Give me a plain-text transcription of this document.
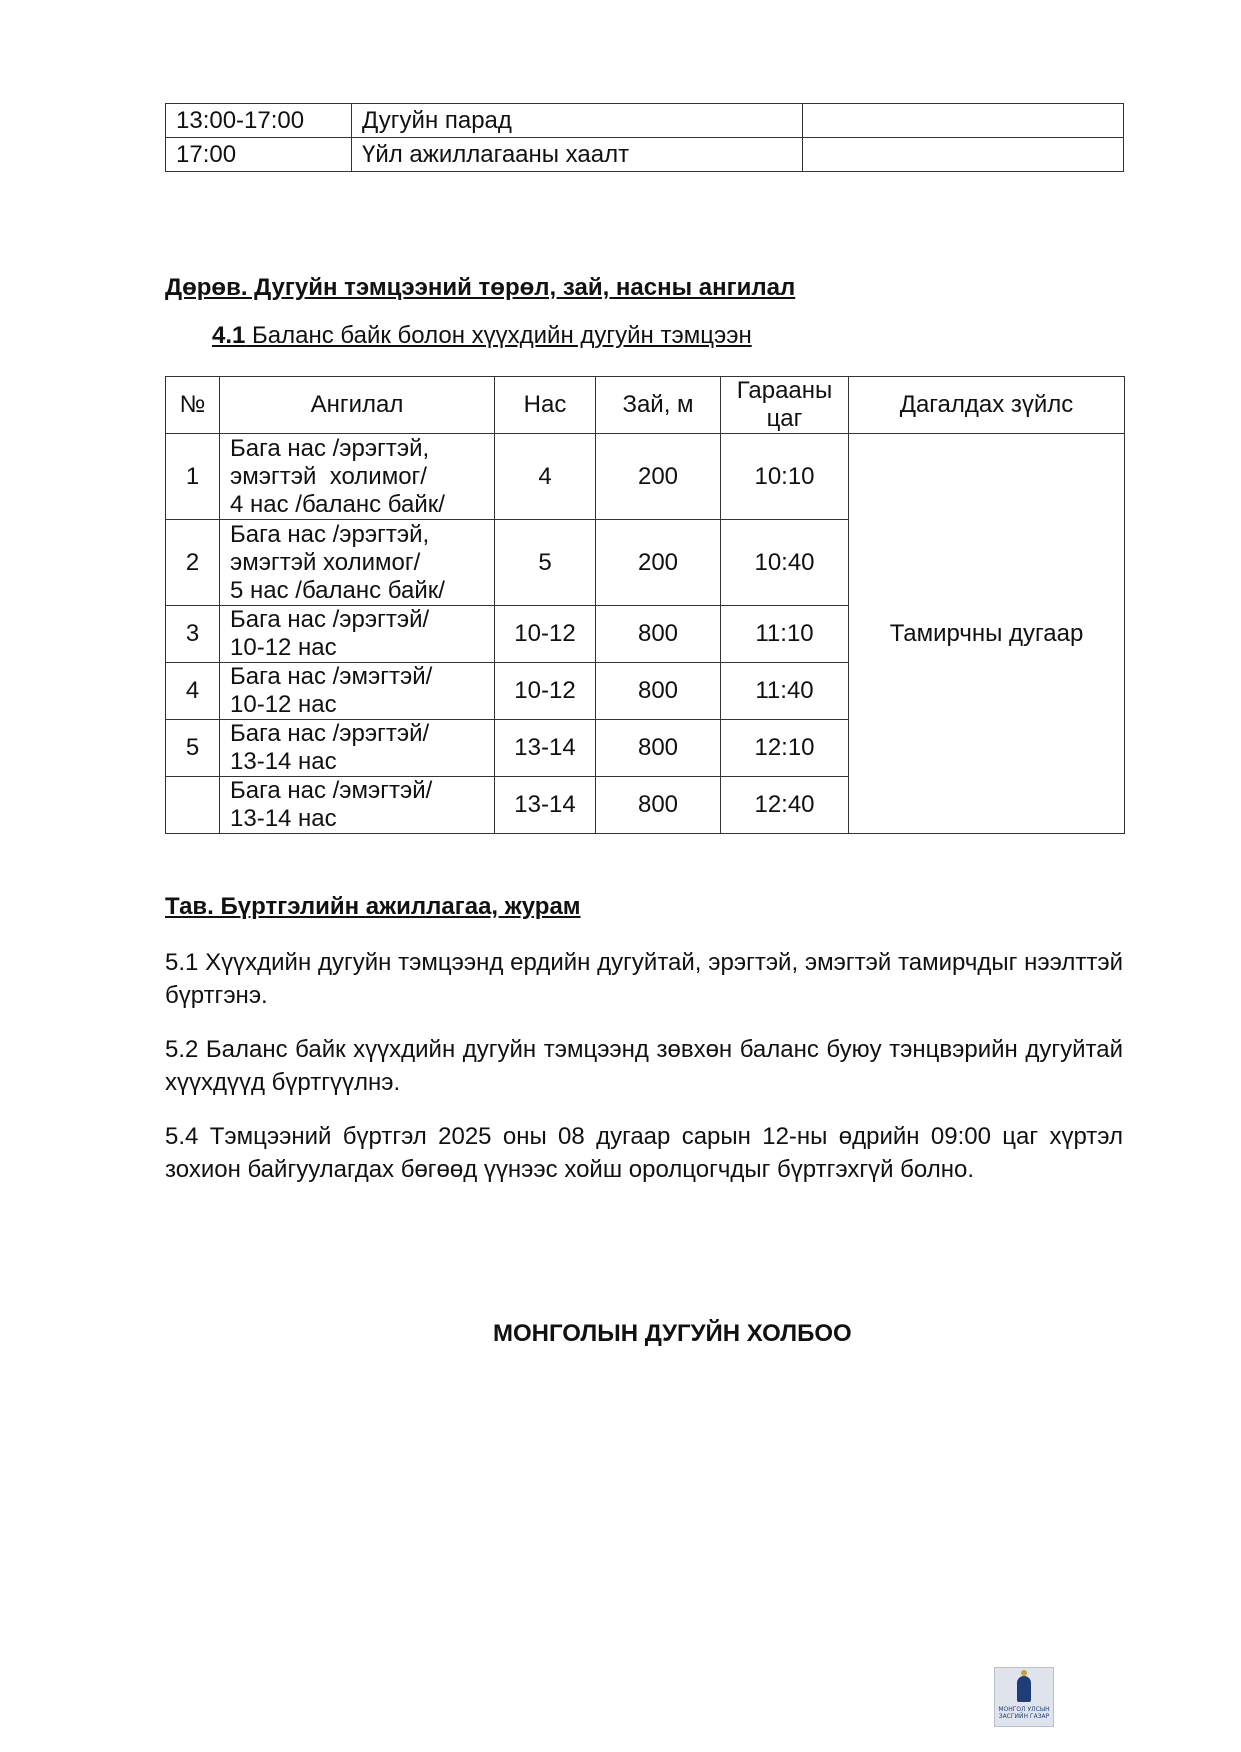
13:00-17:00	Дугуйн парад	
17:00	Үйл ажиллагааны хаалт	
Дөрөв. Дугуйн тэмцээний төрөл, зай, насны ангилал
4.1 Баланс байк болон хүүхдийн дугуйн тэмцээн
№	Ангилал	Нас	Зай, м	Гарааны
цаг	Дагалдах зүйлс
1	Бага нас /эрэгтэй,
эмэгтэй  холимог/
4 нас /баланс байк/	4	200	10:10	Тамирчны дугаар
2	Бага нас /эрэгтэй,
эмэгтэй холимог/
5 нас /баланс байк/	5	200	10:40	
3	Бага нас /эрэгтэй/
10-12 нас	10-12	800	11:10	
4	Бага нас /эмэгтэй/
10-12 нас	10-12	800	11:40	
5	Бага нас /эрэгтэй/
13-14 нас	13-14	800	12:10	

	Бага нас /эмэгтэй/
13-14 нас	13-14	800	12:40	
Тав. Бүртгэлийн ажиллагаа, журам

5.1 Хүүхдийн дугуйн тэмцээнд ердийн дугуйтай, эрэгтэй, эмэгтэй тамирчдыг нээлттэй бүртгэнэ.

5.2 Баланс байк хүүхдийн дугуйн тэмцээнд зөвхөн баланс буюу тэнцвэрийн дугуйтай хүүхдүүд бүртгүүлнэ.

5.4 Тэмцээний бүртгэл 2025 оны 08 дугаар сарын 12-ны өдрийн 09:00 цаг хүртэл зохион байгуулагдах бөгөөд үүнээс хойш оролцогчдыг бүртгэхгүй болно.

МОНГОЛЫН ДУГУЙН ХОЛБОО
МОНГОЛ УЛСЫН ЗАСГИЙН ГАЗАР
